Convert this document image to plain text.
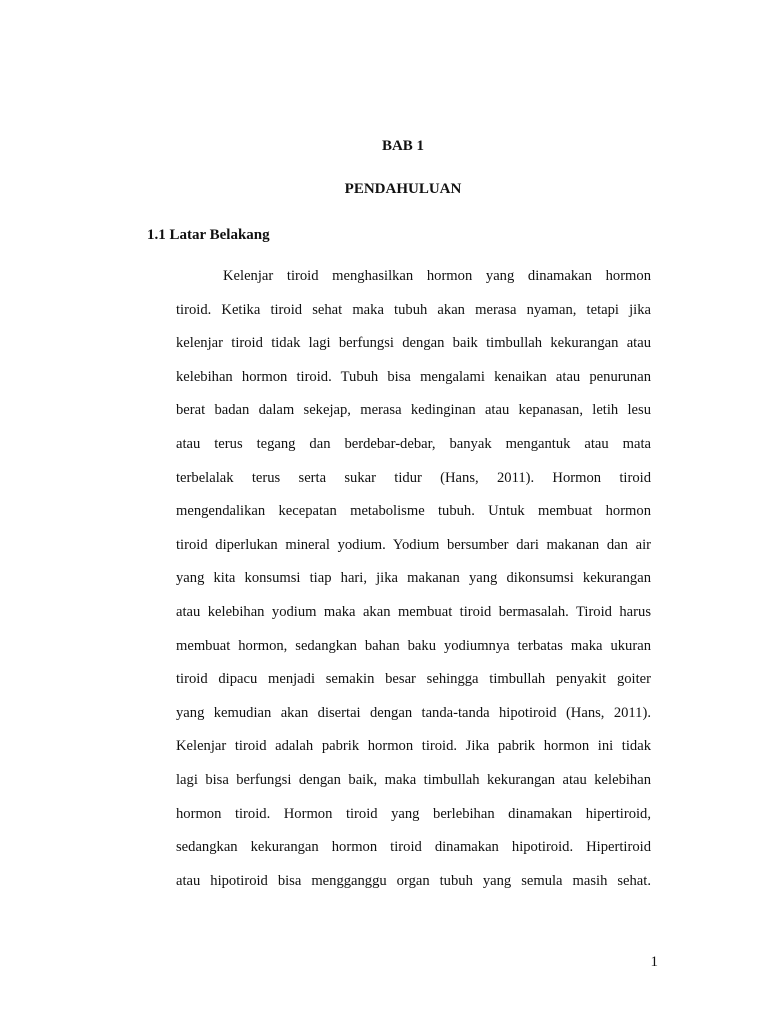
BAB 1
PENDAHULUAN
1.1 Latar Belakang
Kelenjar tiroid menghasilkan hormon yang dinamakan hormon
tiroid. Ketika tiroid sehat maka tubuh akan merasa nyaman, tetapi jika
kelenjar tiroid tidak lagi berfungsi dengan baik timbullah kekurangan atau
kelebihan hormon tiroid. Tubuh bisa mengalami kenaikan atau penurunan
berat badan dalam sekejap, merasa kedinginan atau kepanasan, letih lesu
atau terus tegang dan berdebar-debar, banyak mengantuk atau mata
terbelalak terus serta sukar tidur (Hans, 2011). Hormon tiroid
mengendalikan kecepatan metabolisme tubuh. Untuk membuat hormon
tiroid diperlukan mineral yodium. Yodium bersumber dari makanan dan air
yang kita konsumsi tiap hari, jika makanan yang dikonsumsi kekurangan
atau kelebihan yodium maka akan membuat tiroid bermasalah. Tiroid harus
membuat hormon, sedangkan bahan baku yodiumnya terbatas maka ukuran
tiroid dipacu menjadi semakin besar sehingga timbullah penyakit goiter
yang kemudian akan disertai dengan tanda-tanda hipotiroid (Hans, 2011).
Kelenjar tiroid adalah pabrik hormon tiroid. Jika pabrik hormon ini tidak
lagi bisa berfungsi dengan baik, maka timbullah kekurangan atau kelebihan
hormon tiroid. Hormon tiroid yang berlebihan dinamakan hipertiroid,
sedangkan kekurangan hormon tiroid dinamakan hipotiroid. Hipertiroid
atau hipotiroid bisa mengganggu organ tubuh yang semula masih sehat.
1
